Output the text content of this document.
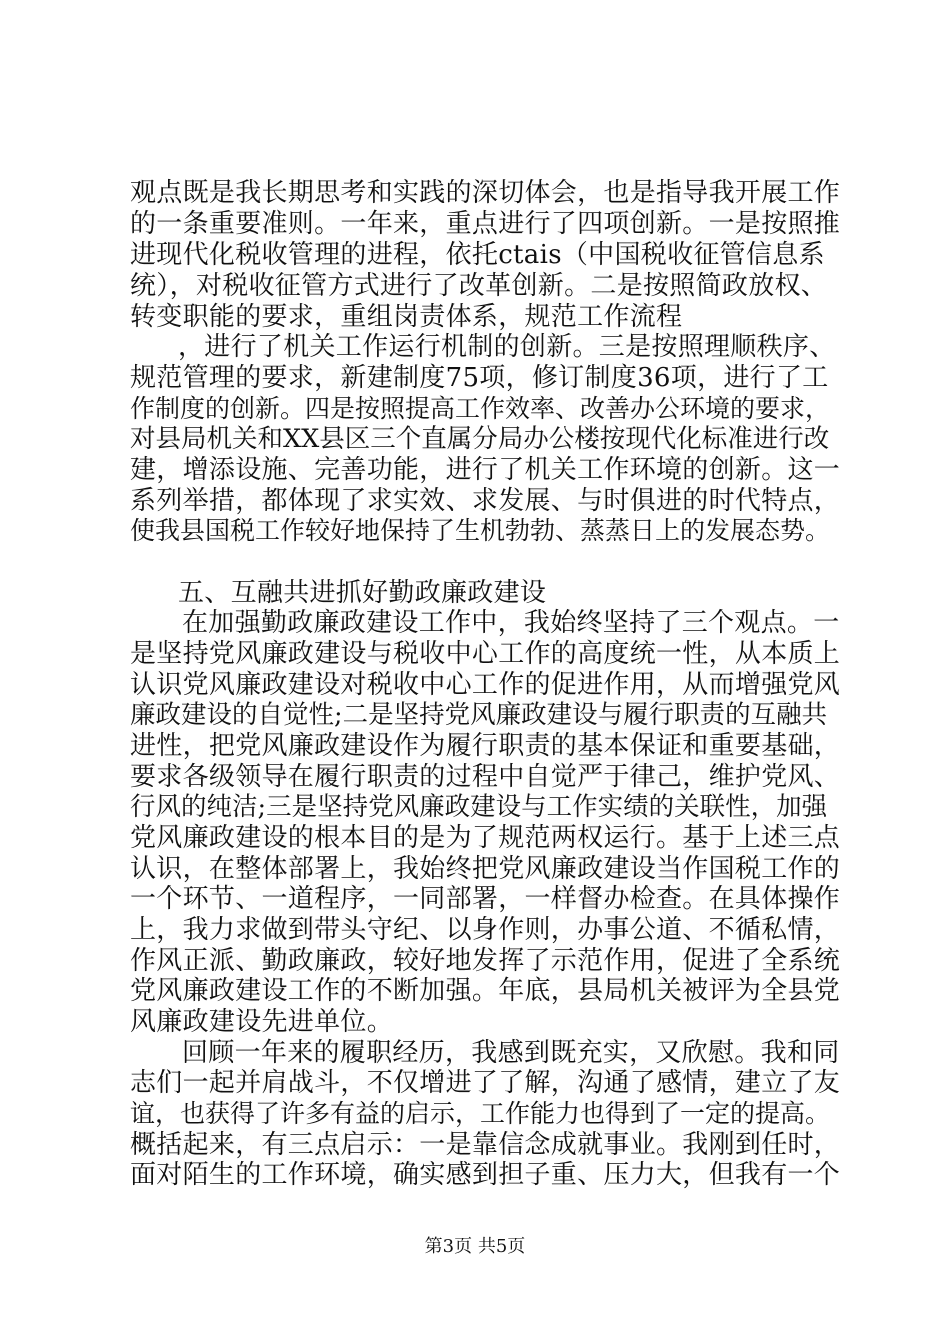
观点既是我长期思考和实践的深切体会，也是指导我开展工作
的一条重要准则。一年来，重点进行了四项创新。一是按照推
进现代化税收管理的进程，依托ctais（中国税收征管信息系
统），对税收征管方式进行了改革创新。二是按照简政放权、
转变职能的要求，重组岗责体系，规范工作流程
，进行了机关工作运行机制的创新。三是按照理顺秩序、
规范管理的要求，新建制度75项，修订制度36项，进行了工
作制度的创新。四是按照提高工作效率、改善办公环境的要求，
对县局机关和XX县区三个直属分局办公楼按现代化标准进行改
建，增添设施、完善功能，进行了机关工作环境的创新。这一
系列举措，都体现了求实效、求发展、与时俱进的时代特点，
使我县国税工作较好地保持了生机勃勃、蒸蒸日上的发展态势。
五、互融共进抓好勤政廉政建设
在加强勤政廉政建设工作中，我始终坚持了三个观点。一
是坚持党风廉政建设与税收中心工作的高度统一性，从本质上
认识党风廉政建设对税收中心工作的促进作用，从而增强党风
廉政建设的自觉性;二是坚持党风廉政建设与履行职责的互融共
进性，把党风廉政建设作为履行职责的基本保证和重要基础，
要求各级领导在履行职责的过程中自觉严于律己，维护党风、
行风的纯洁;三是坚持党风廉政建设与工作实绩的关联性，加强
党风廉政建设的根本目的是为了规范两权运行。基于上述三点
认识，在整体部署上，我始终把党风廉政建设当作国税工作的
一个环节、一道程序，一同部署，一样督办检查。在具体操作
上，我力求做到带头守纪、以身作则，办事公道、不循私情，
作风正派、勤政廉政，较好地发挥了示范作用，促进了全系统
党风廉政建设工作的不断加强。年底，县局机关被评为全县党
风廉政建设先进单位。
回顾一年来的履职经历，我感到既充实，又欣慰。我和同
志们一起并肩战斗，不仅增进了了解，沟通了感情，建立了友
谊，也获得了许多有益的启示，工作能力也得到了一定的提高。
概括起来，有三点启示：一是靠信念成就事业。我刚到任时，
面对陌生的工作环境，确实感到担子重、压力大，但我有一个
第3页 共5页
